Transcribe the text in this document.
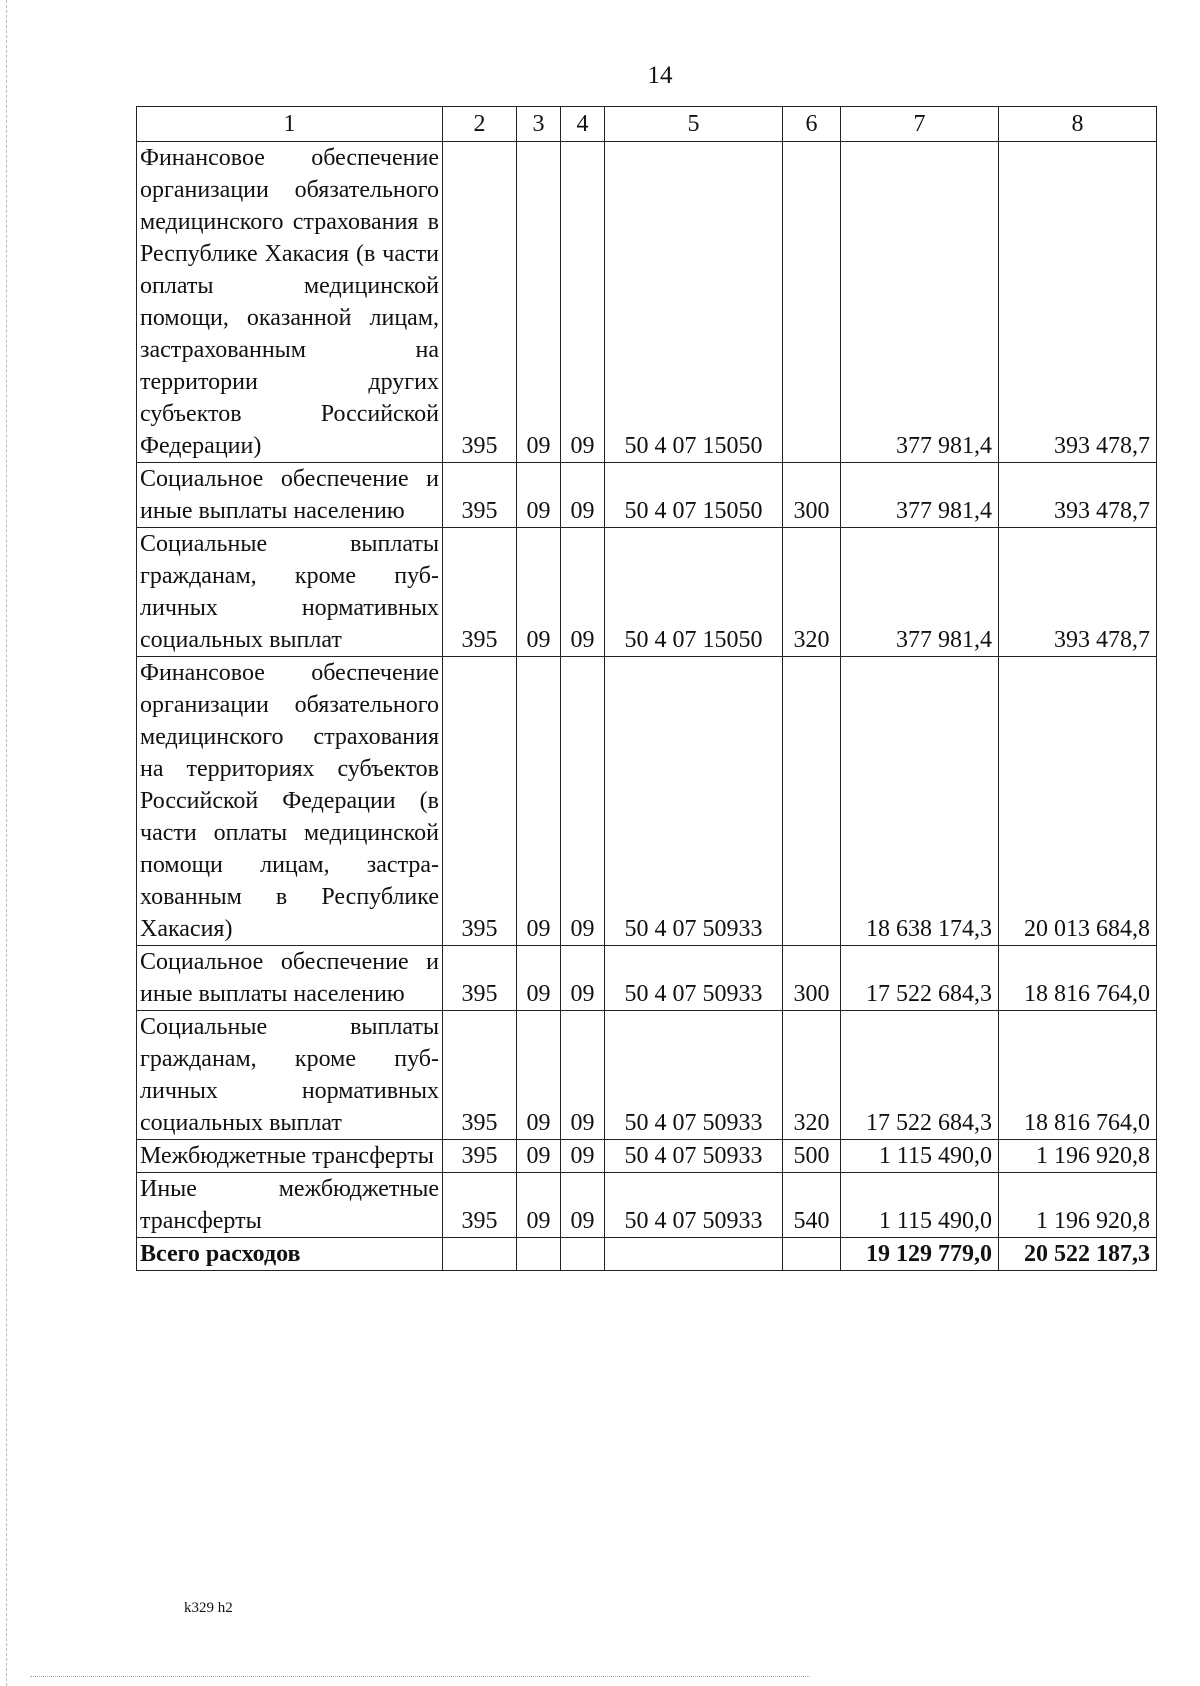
14
1	2	3	4	5	6	7	8
Финансовое обеспечение организации обязательного медицинского страхования в Республике Хакасия (в части оплаты медицинской помощи, оказанной лицам, застрахованным на территории других субъектов Российской Федерации)	395	09	09	50 4 07 15050		377 981,4	393 478,7
Социальное обеспечение и иные выплаты населению	395	09	09	50 4 07 15050	300	377 981,4	393 478,7
Социальные выплаты гражданам, кроме публичных нормативных социальных выплат	395	09	09	50 4 07 15050	320	377 981,4	393 478,7
Финансовое обеспечение организации обязательного медицинского страхования на территориях субъектов Российской Федерации (в части оплаты медицинской помощи лицам, застрахованным в Республике Хакасия)	395	09	09	50 4 07 50933		18 638 174,3	20 013 684,8
Социальное обеспечение и иные выплаты населению	395	09	09	50 4 07 50933	300	17 522 684,3	18 816 764,0
Социальные выплаты гражданам, кроме публичных нормативных социальных выплат	395	09	09	50 4 07 50933	320	17 522 684,3	18 816 764,0
Межбюджетные трансферты	395	09	09	50 4 07 50933	500	1 115 490,0	1 196 920,8
Иные межбюджетные трансферты	395	09	09	50 4 07 50933	540	1 115 490,0	1 196 920,8
Всего расходов						19 129 779,0	20 522 187,3
k329 h2
